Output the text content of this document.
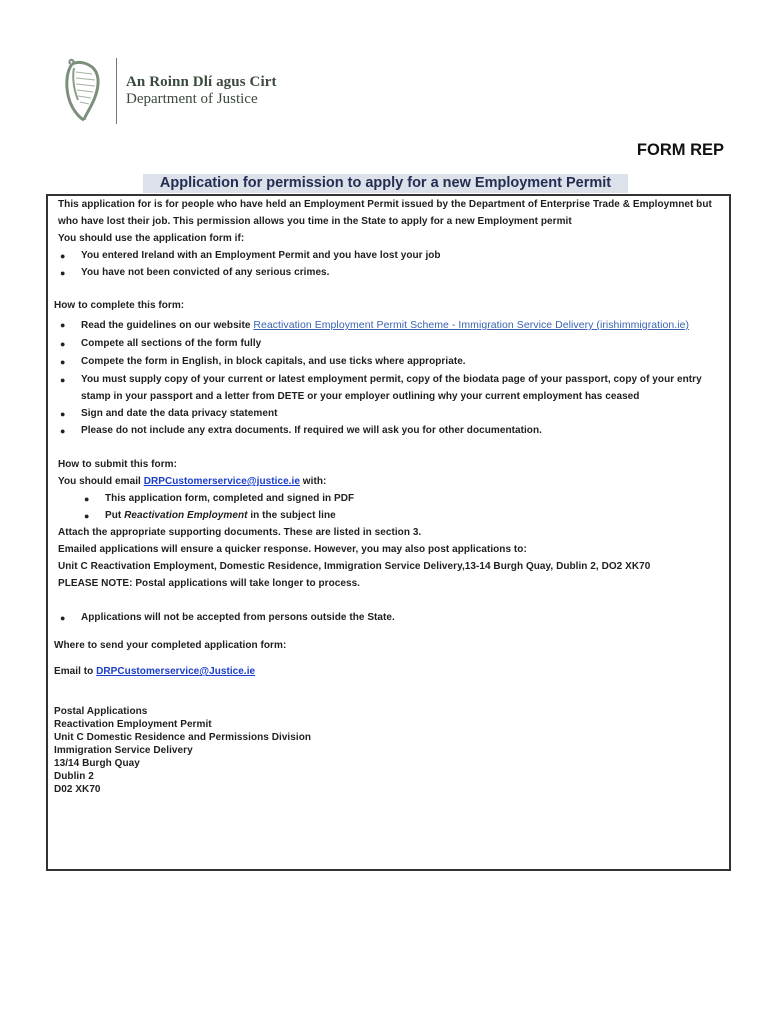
An Roinn Dlí agus Cirt
Department of Justice
FORM REP
Application for permission to apply for a new Employment Permit
This application for is for people who have held an Employment Permit issued by the Department of Enterprise Trade & Employmnet but
who have lost their job. This permission allows you time in the State to apply for a new Employment permit
You should use the application form if:
● You entered Ireland with an Employment Permit and you have lost your job
● You have not been convicted of any serious crimes.
How to complete this form:
● Read the guidelines on our website Reactivation Employment Permit Scheme - Immigration Service Delivery (irishimmigration.ie)
● Compete all sections of the form fully
● Compete the form in English, in block capitals, and use ticks where appropriate.
● You must supply copy of your current or latest employment permit, copy of the biodata page of your passport, copy of your entry
stamp in your passport and a letter from DETE or your employer outlining why your current employment has ceased
● Sign and date the data privacy statement
● Please do not include any extra documents. If required we will ask you for other documentation.
How to submit this form:
You should email DRPCustomerservice@justice.ie with:
● This application form, completed and signed in PDF
● Put Reactivation Employment in the subject line
Attach the appropriate supporting documents. These are listed in section 3.
Emailed applications will ensure a quicker response. However, you may also post applications to:
Unit C Reactivation Employment, Domestic Residence, Immigration Service Delivery,13-14 Burgh Quay, Dublin 2, DO2 XK70
PLEASE NOTE: Postal applications will take longer to process.
● Applications will not be accepted from persons outside the State.
Where to send your completed application form:
Email to DRPCustomerservice@Justice.ie
Postal Applications
Reactivation Employment Permit
Unit C Domestic Residence and Permissions Division
Immigration Service Delivery
13/14 Burgh Quay
Dublin 2
D02 XK70
